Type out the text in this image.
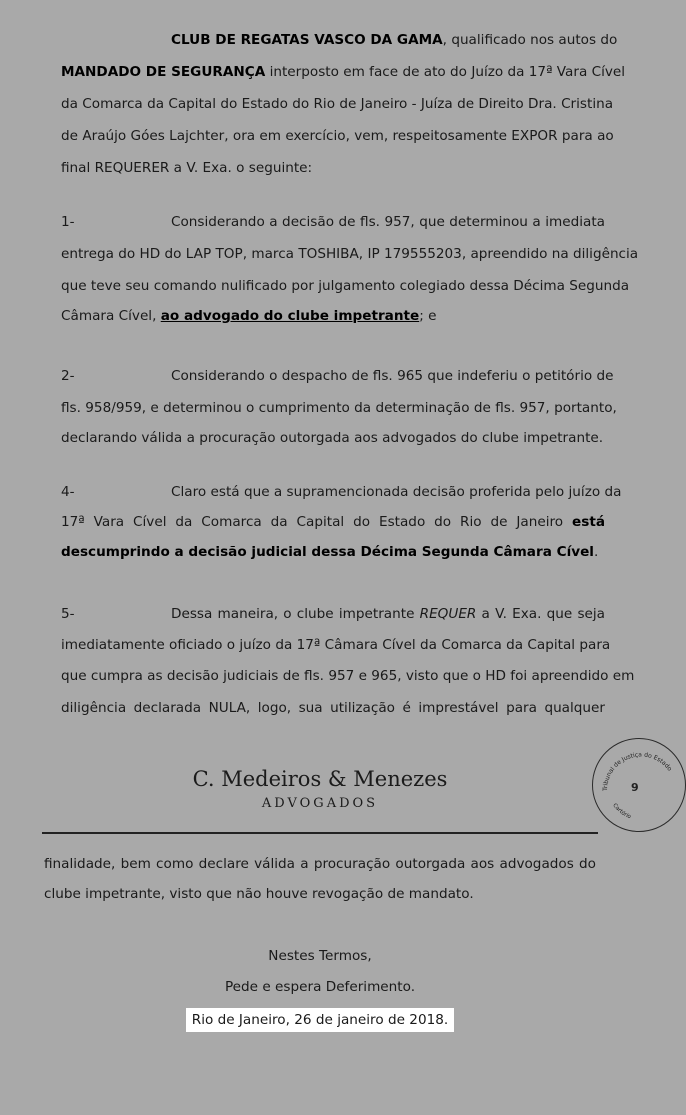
CLUB DE REGATAS VASCO DA GAMA, qualificado nos autos do
MANDADO DE SEGURANÇA interposto em face de ato do Juízo da 17ª Vara Cível
da Comarca da Capital do Estado do Rio de Janeiro - Juíza de Direito Dra. Cristina
de Araújo Góes Lajchter, ora em exercício, vem, respeitosamente EXPOR para ao
final REQUERER a V. Exa. o seguinte:
1-	Considerando a decisão de fls. 957, que determinou a imediata
entrega do HD do LAP TOP, marca TOSHIBA, IP 179555203, apreendido na diligência
que teve seu comando nulificado por julgamento colegiado dessa Décima Segunda
Câmara Cível, ao advogado do clube impetrante; e
2-	Considerando o despacho de fls. 965 que indeferiu o petitório de
fls. 958/959, e determinou o cumprimento da determinação de fls. 957, portanto,
declarando válida a procuração outorgada aos advogados do clube impetrante.
4-	Claro está que a supramencionada decisão proferida pelo juízo da
17ª Vara Cível da Comarca da Capital do Estado do Rio de Janeiro está
descumprindo a decisão judicial dessa Décima Segunda Câmara Cível.
5-	Dessa maneira, o clube impetrante REQUER a V. Exa. que seja
imediatamente oficiado o juízo da 17ª Câmara Cível da Comarca da Capital para
que cumpra as decisão judiciais de fls. 957 e 965, visto que o HD foi apreendido em
diligência declarada NULA, logo, sua utilização é imprestável para qualquer
C. Medeiros & Menezes
ADVOGADOS
Tribunal de Justiça do Estado
Cartório
9
finalidade, bem como declare válida a procuração outorgada aos advogados do
clube impetrante, visto que não houve revogação de mandato.
Nestes Termos,
Pede e espera Deferimento.
Rio de Janeiro, 26 de janeiro de 2018.
